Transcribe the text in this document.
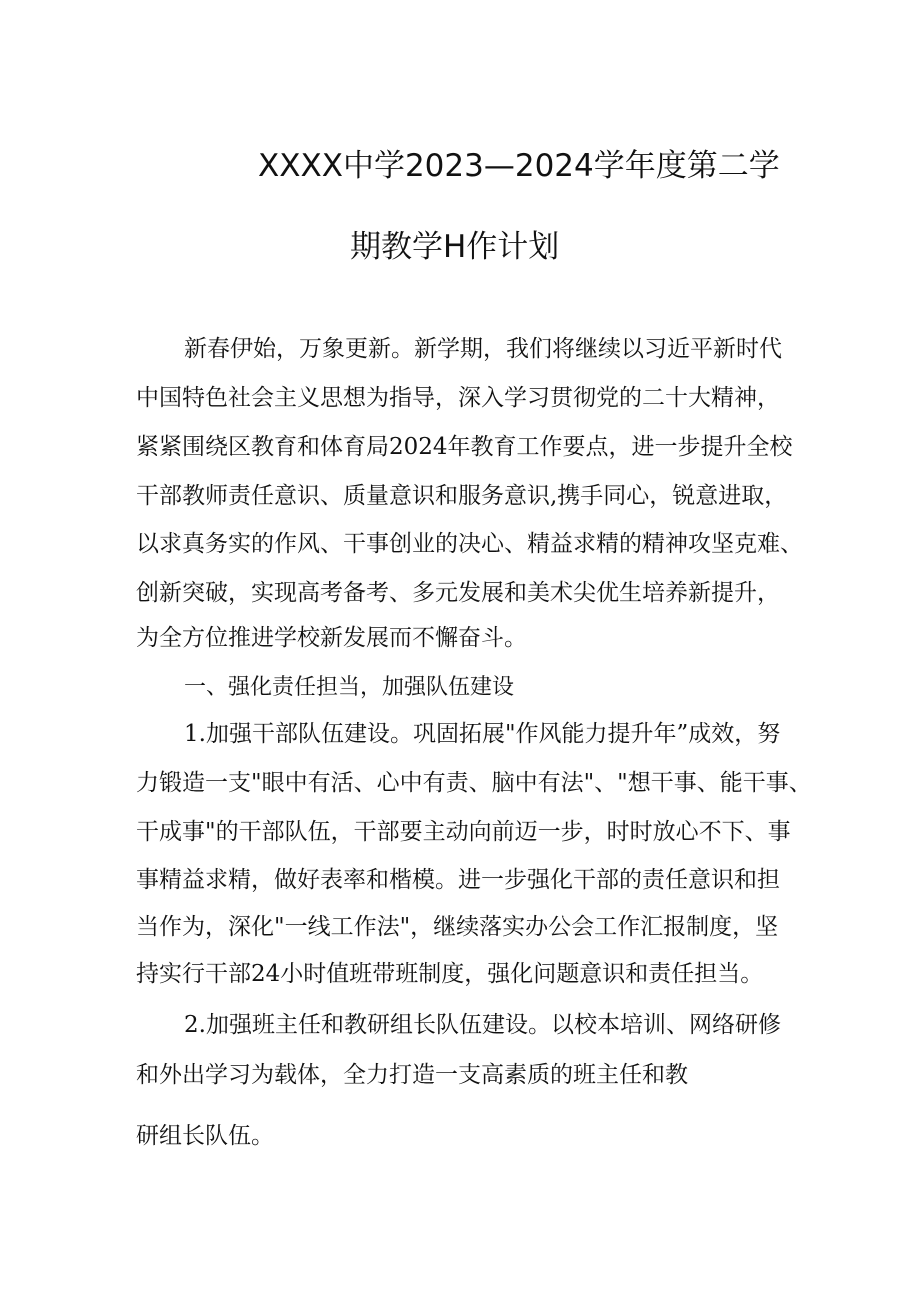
XXXX中学2023—2024学年度第二学
期教学H作计划
新春伊始，万象更新。新学期，我们将继续以习近平新时代
中国特色社会主义思想为指导，深入学习贯彻党的二十大精神，
紧紧围绕区教育和体育局2024年教育工作要点，进一步提升全校
干部教师责任意识、质量意识和服务意识,携手同心，锐意进取，
以求真务实的作风、干事创业的决心、精益求精的精神攻坚克难、
创新突破，实现高考备考、多元发展和美术尖优生培养新提升，
为全方位推进学校新发展而不懈奋斗。
一、强化责任担当，加强队伍建设
1.加强干部队伍建设。巩固拓展"作风能力提升年”成效，努
力锻造一支"眼中有活、心中有责、脑中有法"、"想干事、能干事、
干成事"的干部队伍，干部要主动向前迈一步，时时放心不下、事
事精益求精，做好表率和楷模。进一步强化干部的责任意识和担
当作为，深化"一线工作法"，继续落实办公会工作汇报制度，坚
持实行干部24小时值班带班制度，强化问题意识和责任担当。
2.加强班主任和教研组长队伍建设。以校本培训、网络研修
和外出学习为载体，全力打造一支高素质的班主任和教
研组长队伍。
